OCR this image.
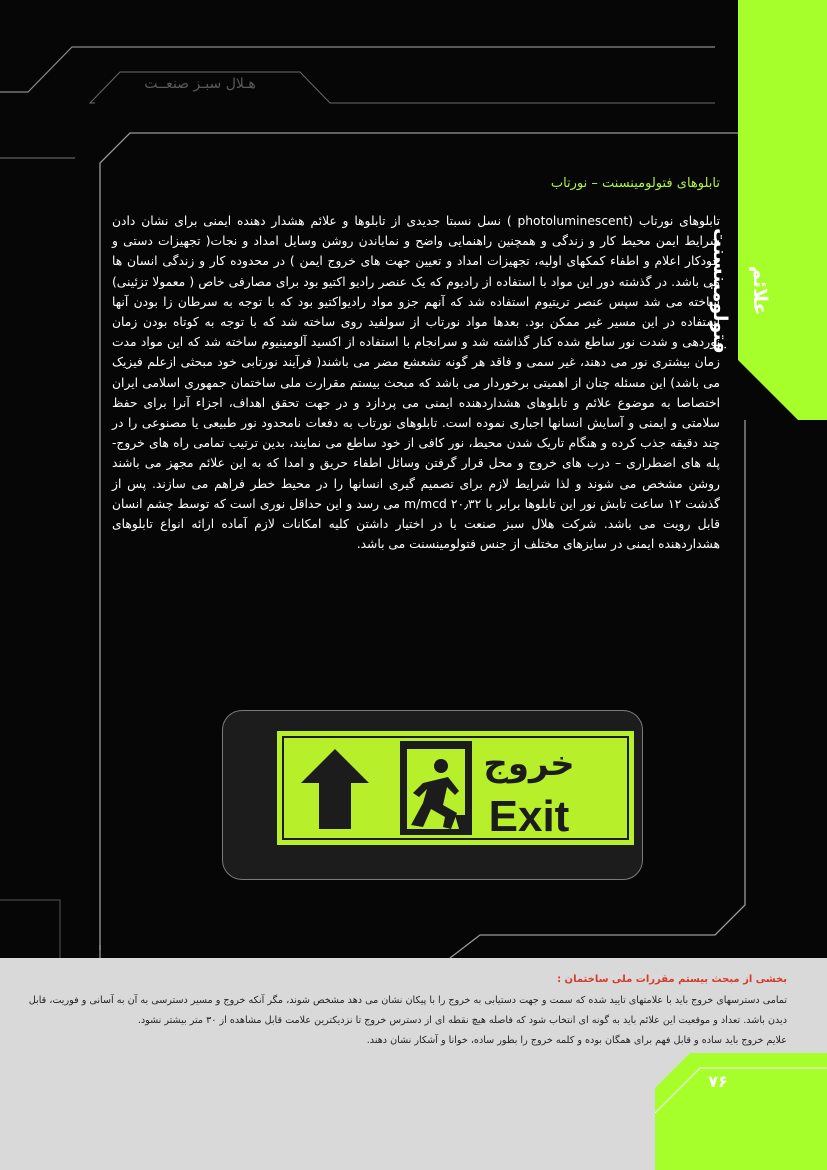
هـلال سبـز صنعــت
علائم فتولومینسنت
تابلوهای فتولومینسنت – نورتاب

تابلوهای نورتاب (photoluminescent ) نسل نسبتا جدیدی از تابلوها و علائم هشدار دهنده ایمنی برای نشان دادن شرایط ایمن محیط کار و زندگی و همچنین راهنمایی واضح و نمایاندن روشن وسایل امداد و نجات( تجهیزات دستی و خودکار اعلام و اطفاء کمکهای اولیه، تجهیزات امداد و تعیین جهت های خروج ایمن ) در محدوده کار و زندگی انسان ها می باشد. در گذشته دور این مواد با استفاده از رادیوم که یک عنصر رادیو اکتیو بود برای مصارفی خاص ( معمولا تزئینی) ساخته می شد سپس عنصر تریتیوم استفاده شد که آنهم جزو مواد رادیواکتیو بود که با توجه به سرطان زا بودن آنها استفاده در این مسیر غیر ممکن بود. بعدها مواد نورتاب از سولفید روی ساخته شد که با توجه به کوتاه بودن زمان نوردهی و شدت نور ساطع شده کنار گذاشته شد و سرانجام با استفاده از اکسید آلومینیوم ساخته شد که این مواد مدت زمان بیشتری نور می دهند، غیر سمی و فاقد هر گونه تشعشع مضر می باشند( فرآیند نورتابی خود مبحثی ازعلم فیزیک می باشد) این مسئله چنان از اهمیتی برخوردار می باشد که مبحث بیستم مقرارت ملی ساختمان جمهوری اسلامی ایران اختصاصا به موضوع علائم و تابلوهای هشداردهنده ایمنی می پردازد و در جهت تحقق اهداف، اجزاء آنرا برای حفظ سلامتی و ایمنی و آسایش انسانها اجباری نموده است. تابلوهای نورتاب به دفعات نامحدود نور طبیعی یا مصنوعی را در چند دقیقه جذب کرده و هنگام تاریک شدن محیط، نور کافی از خود ساطع می نمایند، بدین ترتیب تمامی راه های خروج- پله های اضطراری – درب های خروج و محل قرار گرفتن وسائل اطفاء حریق و امدا که به این علائم مجهز می باشند روشن مشخص می شوند و لذا شرایط لازم برای تصمیم گیری انسانها را در محیط خطر فراهم می سازند. پس از گذشت ۱۲ ساعت تابش نور این تابلوها برابر با m/mcd ۲۰٫۳۲ می رسد و این حداقل نوری است که توسط چشم انسان قابل رویت می باشد. شرکت هلال سبز صنعت با در اختیار داشتن کلیه امکانات لازم آماده ارائه انواع تابلوهای هشداردهنده ایمنی در سایزهای مختلف از جنس فتولومینسنت می باشد.

خروج
Exit
بخشی از مبحث بیستم مقررات ملی ساختمان :

تمامی دسترسهای خروج باید با علامتهای تایید شده که سمت و جهت دستیابی به خروج را با پیکان نشان می دهد مشخص شوند، مگر آنکه خروج و مسیر دسترسی به آن به آسانی و فوریت، قابل دیدن باشد. تعداد و موقعیت این علائم باید به گونه ای انتخاب شود که فاصله هیچ نقطه ای از دسترس خروج تا نزدیکترین علامت قابل مشاهده از ۳۰ متر بیشتر نشود.

علایم خروج باید ساده و قابل فهم برای همگان بوده و کلمه خروج را بطور ساده، خوانا و آشکار نشان دهند.

۷۶
